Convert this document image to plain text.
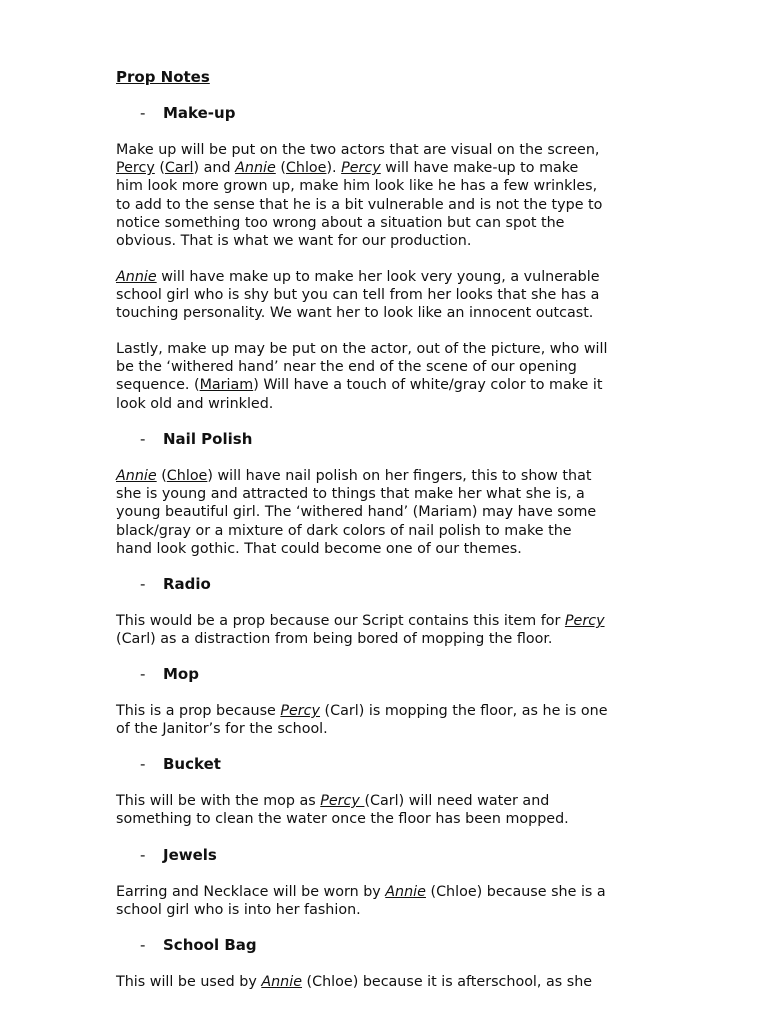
Prop Notes

- Make-up

Make up will be put on the two actors that are visual on the screen,
Percy (Carl) and Annie (Chloe). Percy will have make-up to make
him look more grown up, make him look like he has a few wrinkles,
to add to the sense that he is a bit vulnerable and is not the type to
notice something too wrong about a situation but can spot the
obvious. That is what we want for our production.

Annie will have make up to make her look very young, a vulnerable
school girl who is shy but you can tell from her looks that she has a
touching personality. We want her to look like an innocent outcast.

Lastly, make up may be put on the actor, out of the picture, who will
be the ‘withered hand’ near the end of the scene of our opening
sequence. (Mariam) Will have a touch of white/gray color to make it
look old and wrinkled.

- Nail Polish

Annie (Chloe) will have nail polish on her fingers, this to show that
she is young and attracted to things that make her what she is, a
young beautiful girl. The ‘withered hand’ (Mariam) may have some
black/gray or a mixture of dark colors of nail polish to make the
hand look gothic. That could become one of our themes.

- Radio

This would be a prop because our Script contains this item for Percy
(Carl) as a distraction from being bored of mopping the floor.

- Mop

This is a prop because Percy (Carl) is mopping the floor, as he is one
of the Janitor’s for the school.

- Bucket

This will be with the mop as Percy (Carl) will need water and
something to clean the water once the floor has been mopped.

- Jewels

Earring and Necklace will be worn by Annie (Chloe) because she is a
school girl who is into her fashion.

- School Bag

This will be used by Annie (Chloe) because it is afterschool, as she
